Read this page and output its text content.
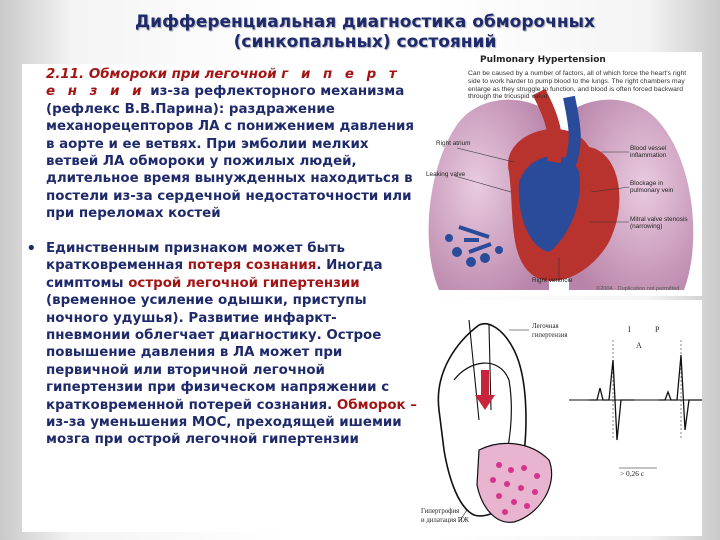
Дифференциальная диагностика обморочных (синкопальных) состояний
2.11. Обмороки при легочной г и п е р т е н з и и из-за рефлекторного механизма (рефлекс В.В.Парина): раздражение механорецепторов ЛА с понижением давления в аорте и ее ветвях. При эмболии мелких ветвей ЛА обмороки у пожилых людей, длительное время вынужденных находиться в постели из-за сердечной недостаточности или при переломах костей
• Единственным признаком может быть кратковременная потеря сознания. Иногда симптомы острой легочной гипертензии (временное усиление одышки, приступы ночного удушья). Развитие инфаркт-пневмонии облегчает диагностику. Острое повышение давления в ЛА может при первичной или вторичной легочной гипертензии при физическом напряжении с кратковременной потерей сознания. Обморок – из-за уменьшения МОС, преходящей ишемии мозга при острой легочной гипертензии
Pulmonary Hypertension
Can be caused by a number of factors, all of which force the heart's right side to work harder to pump blood to the lungs. The right chambers may enlarge as they struggle to function, and blood is often forced backward through the tricuspid valve.
Right atrium
Leaking valve
Blood vessel inflammation
Blockage in pulmonary vein
Mitral valve stenosis (narrowing)
Right ventricle
©2004 · Duplication not permitted
Легочная
гипертензия
Гипертрофия
и дилатация ПЖ
I	P
A
> 0,26 с
